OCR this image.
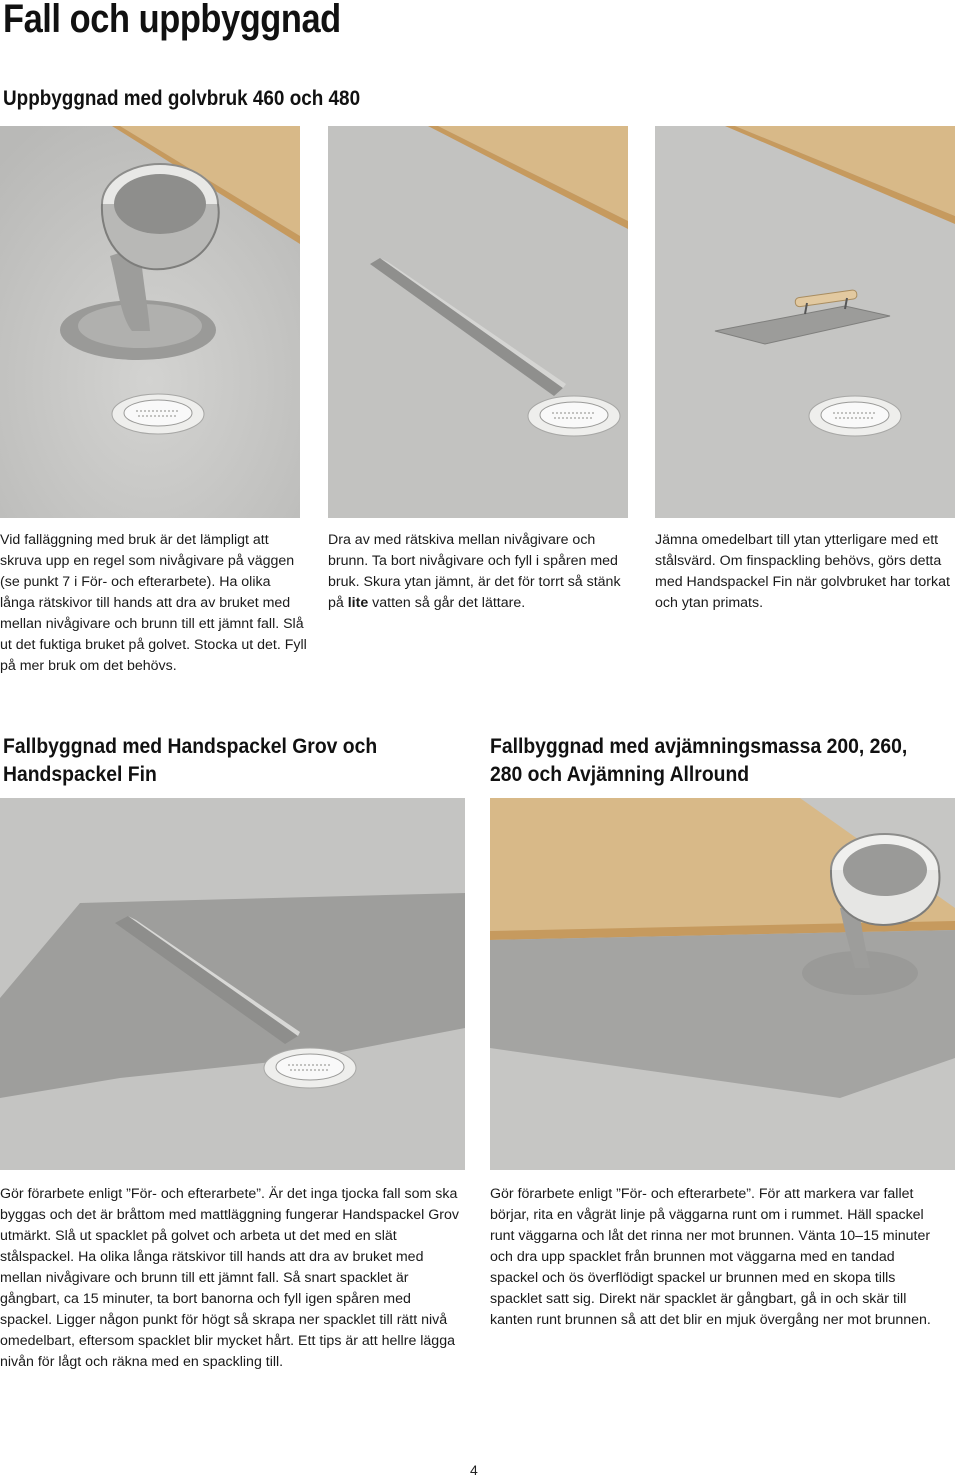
Fall och uppbyggnad
Uppbyggnad med golvbruk 460 och 480
Vid falläggning med bruk är det lämpligt att skruva upp en regel som nivågivare på väggen (se punkt 7 i För- och efterarbete). Ha olika långa rätskivor till hands att dra av bruket med mellan nivågivare och brunn till ett jämnt fall. Slå ut det fuktiga bruket på golvet. Stocka ut det. Fyll på mer bruk om det behövs.
Dra av med rätskiva mellan nivågivare och brunn. Ta bort nivågivare och fyll i spåren med bruk. Skura ytan jämnt, är det för torrt så stänk på lite vatten så går det lättare.
Jämna omedelbart till ytan ytterligare med ett stålsvärd. Om finspackling behövs, görs detta med Handspackel Fin när golvbruket har torkat och ytan primats.
Fallbyggnad med Handspackel Grov och Handspackel Fin
Fallbyggnad med avjämningsmassa 200, 260, 280 och Avjämning Allround
Gör förarbete enligt ”För- och efterarbete”. Är det inga tjocka fall som ska byggas och det är bråttom med mattläggning fungerar Handspackel Grov utmärkt. Slå ut spacklet på golvet och arbeta ut det med en slät stålspackel. Ha olika långa rätskivor till hands att dra av bruket med mellan nivågivare och brunn till ett jämnt fall. Så snart spacklet är gångbart, ca 15 minuter, ta bort banorna och fyll igen spåren med spackel. Ligger någon punkt för högt så skrapa ner spacklet till rätt nivå omedelbart, eftersom spacklet blir mycket hårt. Ett tips är att hellre lägga nivån för lågt och räkna med en spackling till.
Gör förarbete enligt ”För- och efterarbete”. För att markera var fallet börjar, rita en vågrät linje på väggarna runt om i rummet. Häll spackel runt väggarna och låt det rinna ner mot brunnen. Vänta 10–15 minuter och dra upp spacklet från brunnen mot väggarna med en tandad spackel och ös överflödigt spackel ur brunnen med en skopa tills spacklet satt sig. Direkt när spacklet är gångbart, gå in och skär till kanten runt brunnen så att det blir en mjuk övergång ner mot brunnen.
4
